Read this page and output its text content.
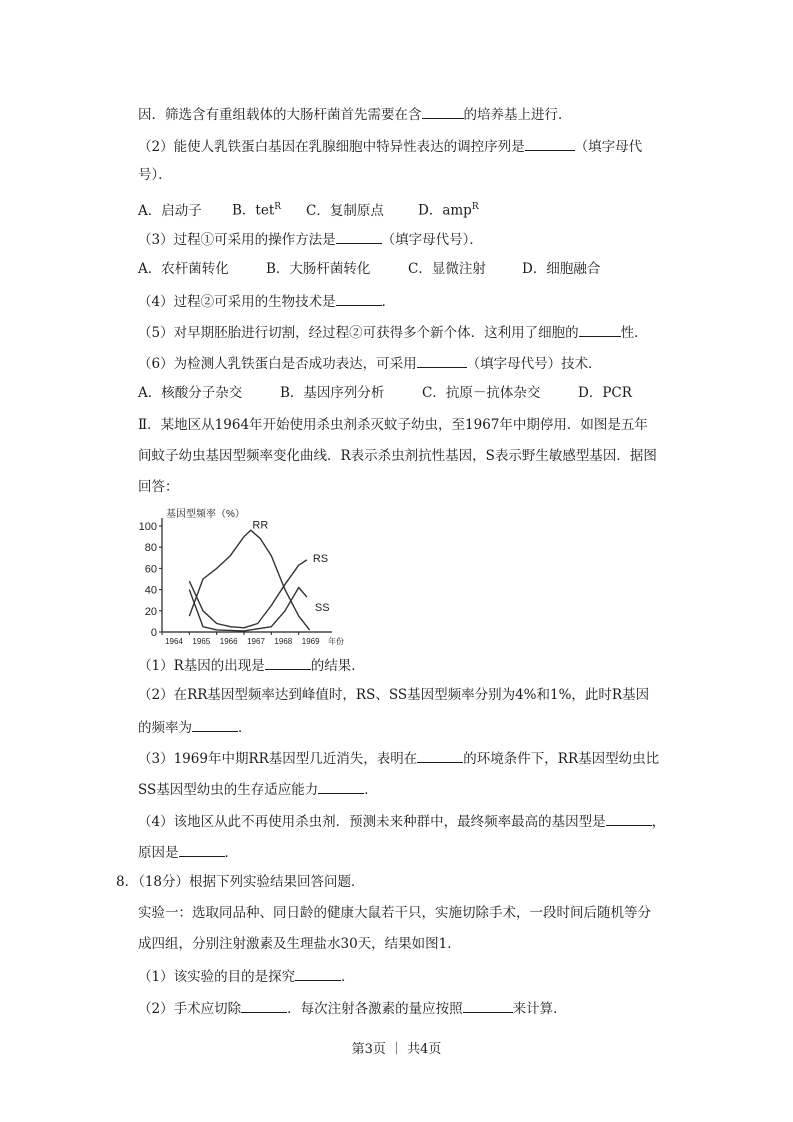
因．筛选含有重组载体的大肠杆菌首先需要在含	的培养基上进行．
（2）能使人乳铁蛋白基因在乳腺细胞中特异性表达的调控序列是	（填字母代
号）．
A．启动子 B．tet$^R$ C．复制原点	D．amp$^R$
（3）过程①可采用的操作方法是	（填字母代号）．
A．农杆菌转化	B．大肠杆菌转化	C．显微注射	D．细胞融合
（4）过程②可采用的生物技术是	．
（5）对早期胚胎进行切割，经过程②可获得多个新个体．这利用了细胞的	性．
（6）为检测人乳铁蛋白是否成功表达，可采用	（填字母代号）技术．
A．核酸分子杂交	B．基因序列分析	C．抗原－抗体杂交	D．PCR
Ⅱ．某地区从1964年开始使用杀虫剂杀灭蚊子幼虫，至1967年中期停用．如图是五年
间蚊子幼虫基因型频率变化曲线．R表示杀虫剂抗性基因，S表示野生敏感型基因．据图
回答：
0
20
40
60
80
100
1964 1965 1966 1967 1968 1969 年份
基因型频率（%）
RR
RS
SS
（1）R基因的出现是	的结果．
（2）在RR基因型频率达到峰值时，RS、SS基因型频率分别为4%和1%，此时R基因
的频率为	．
（3）1969年中期RR基因型几近消失，表明在	的环境条件下，RR基因型幼虫比
SS基因型幼虫的生存适应能力	．
（4）该地区从此不再使用杀虫剂．预测未来种群中，最终频率最高的基因型是	，
原因是	．
8．（18分）根据下列实验结果回答问题．
实验一：选取同品种、同日龄的健康大鼠若干只，实施切除手术，一段时间后随机等分
成四组，分别注射激素及生理盐水30天，结果如图1．
（1）该实验的目的是探究	．
（2）手术应切除	．每次注射各激素的量应按照	来计算．
第3页 ｜ 共4页
